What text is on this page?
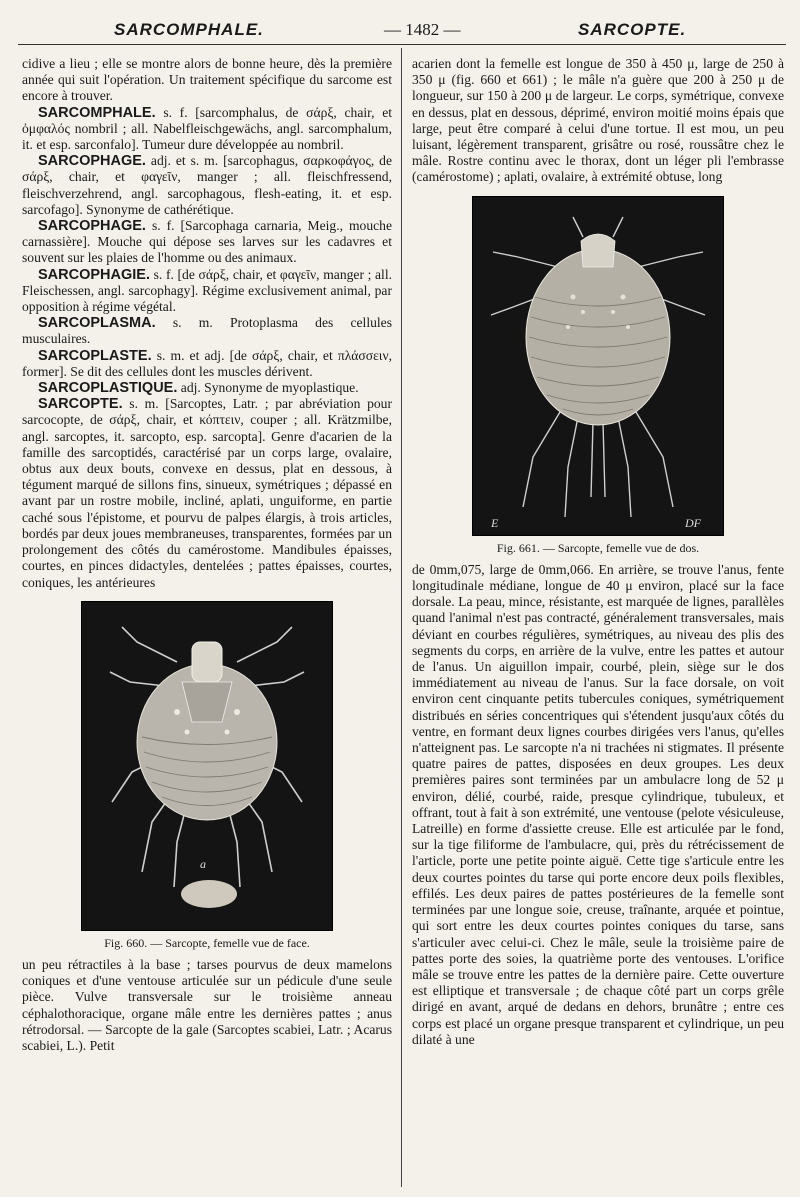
SARCOMPHALE.	— 1482 —	SARCOPTE.

cidive a lieu ; elle se montre alors de bonne heure, dès la première année qui suit l'opération. Un traitement spécifique du sarcome est encore à trouver.

SARCOMPHALE. s. f. [sarcomphalus, de σάρξ, chair, et ὀμφαλός nombril ; all. Nabelfleischgewächs, angl. sarcomphalum, it. et esp. sarconfalo]. Tumeur dure développée au nombril.

SARCOPHAGE. adj. et s. m. [sarcophagus, σαρκοφάγος, de σάρξ, chair, et φαγεῖν, manger ; all. fleischfressend, fleischverzehrend, angl. sarcophagous, flesh-eating, it. et esp. sarcofago]. Synonyme de cathérétique.

SARCOPHAGE. s. f. [Sarcophaga carnaria, Meig., mouche carnassière]. Mouche qui dépose ses larves sur les cadavres et souvent sur les plaies de l'homme ou des animaux.

SARCOPHAGIE. s. f. [de σάρξ, chair, et φαγεῖν, manger ; all. Fleischessen, angl. sarcophagy]. Régime exclusivement animal, par opposition à régime végétal.

SARCOPLASMA. s. m. Protoplasma des cellules musculaires.

SARCOPLASTE. s. m. et adj. [de σάρξ, chair, et πλάσσειν, former]. Se dit des cellules dont les muscles dérivent.

SARCOPLASTIQUE. adj. Synonyme de myoplastique.

SARCOPTE. s. m. [Sarcoptes, Latr. ; par abréviation pour sarcocopte, de σάρξ, chair, et κόπτειν, couper ; all. Krätzmilbe, angl. sarcoptes, it. sarcopto, esp. sarcopta]. Genre d'acarien de la famille des sarcoptidés, caractérisé par un corps large, ovalaire, obtus aux deux bouts, convexe en dessus, plat en dessous, à tégument marqué de sillons fins, sinueux, symétriques ; dépassé en avant par un rostre mobile, incliné, aplati, unguiforme, en partie caché sous l'épistome, et pourvu de palpes élargis, à trois articles, bordés par deux joues membraneuses, transparentes, formées par un prolongement des côtés du camérostome. Mandibules épaisses, courtes, en pinces didactyles, dentelées ; pattes épaisses, courtes, coniques, les antérieures

a
Fig. 660. — Sarcopte, femelle vue de face.

un peu rétractiles à la base ; tarses pourvus de deux mamelons coniques et d'une ventouse articulée sur un pédicule d'une seule pièce. Vulve transversale sur le troisième anneau céphalothoracique, organe mâle entre les dernières pattes ; anus rétrodorsal. — Sarcopte de la gale (Sarcoptes scabiei, Latr. ; Acarus scabiei, L.). Petit

acarien dont la femelle est longue de 350 à 450 μ, large de 250 à 350 μ (fig. 660 et 661) ; le mâle n'a guère que 200 à 250 μ de longueur, sur 150 à 200 μ de largeur. Le corps, symétrique, convexe en dessus, plat en dessous, déprimé, environ moitié moins épais que large, peut être comparé à celui d'une tortue. Il est mou, un peu luisant, légèrement transparent, grisâtre ou rosé, roussâtre chez le mâle. Rostre continu avec le thorax, dont un léger pli l'embrasse (camérostome) ; aplati, ovalaire, à extrémité obtuse, long

E	DF
Fig. 661. — Sarcopte, femelle vue de dos.

de 0mm,075, large de 0mm,066. En arrière, se trouve l'anus, fente longitudinale médiane, longue de 40 μ environ, placé sur la face dorsale. La peau, mince, résistante, est marquée de lignes, parallèles quand l'animal n'est pas contracté, généralement transversales, mais déviant en courbes régulières, symétriques, au niveau des plis des segments du corps, en arrière de la vulve, entre les pattes et autour de l'anus. Un aiguillon impair, courbé, plein, siège sur le dos immédiatement au niveau de l'anus. Sur la face dorsale, on voit environ cent cinquante petits tubercules coniques, symétriquement distribués en séries concentriques qui s'étendent jusqu'aux côtés du ventre, en formant deux lignes courbes dirigées vers l'anus, qu'elles n'atteignent pas. Le sarcopte n'a ni trachées ni stigmates. Il présente quatre paires de pattes, disposées en deux groupes. Les deux premières paires sont terminées par un ambulacre long de 52 μ environ, délié, courbé, raide, presque cylindrique, tubuleux, et offrant, tout à fait à son extrémité, une ventouse (pelote vésiculeuse, Latreille) en forme d'assiette creuse. Elle est articulée par le fond, sur la tige filiforme de l'ambulacre, qui, près du rétrécissement de l'article, porte une petite pointe aiguë. Cette tige s'articule entre les deux courtes pointes du tarse qui porte encore deux poils flexibles, effilés. Les deux paires de pattes postérieures de la femelle sont terminées par une longue soie, creuse, traînante, arquée et pointue, qui sort entre les deux courtes pointes coniques du tarse, sans s'articuler avec celui-ci. Chez le mâle, seule la troisième paire de pattes porte des soies, la quatrième porte des ventouses. L'orifice mâle se trouve entre les pattes de la dernière paire. Cette ouverture est elliptique et transversale ; de chaque côté part un corps grêle dirigé en avant, arqué de dedans en dehors, brunâtre ; entre ces corps est placé un organe presque transparent et cylindrique, un peu dilaté à une
